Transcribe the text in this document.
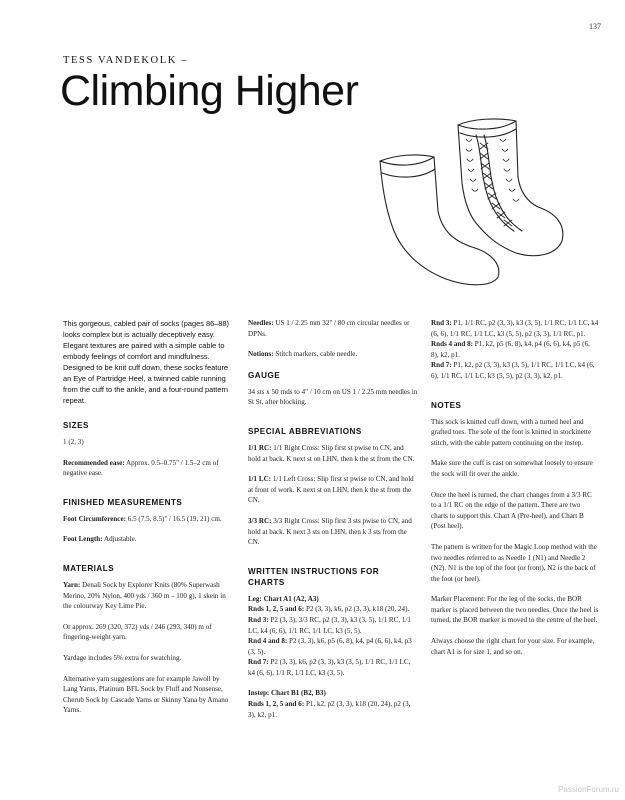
137
TESS VANDEKOLK –
Climbing Higher

This gorgeous, cabled pair of socks (pages 86–88) looks complex but is actually deceptively easy. Elegant textures are paired with a simple cable to embody feelings of comfort and mindfulness. Designed to be knit cuff down, these socks feature an Eye of Partridge Heel, a twinned cable running from the cuff to the ankle, and a four-round pattern repeat.

SIZES

1 (2, 3)

Recommended ease: Approx. 0.5–0.75" / 1.5–2 cm of negative ease.

FINISHED MEASUREMENTS

Foot Circumference: 6.5 (7.5, 8.5)" / 16.5 (19, 21) cm.

Foot Length: Adjustable.

MATERIALS

Yarn: Denali Sock by Explorer Knits (80% Superwash Merino, 20% Nylon, 400 yds / 360 m – 100 g), 1 skein in the colourway Key Lime Pie.

Or approx. 269 (320, 372) yds / 246 (293, 340) m of fingering-weight yarn.

Yardage includes 5% extra for swatching.

Alternative yarn suggestions are for example Jawoll by Lang Yarns, Platinum BFL Sock by Fluff and Nonsense, Cherub Sock by Cascade Yarns or Skinny Yana by Amano Yarns.

Needles: US 1 / 2.25 mm 32" / 80 cm circular needles or DPNs.

Notions: Stitch markers, cable needle.

GAUGE

34 sts x 50 rnds to 4" / 10 cm on US 1 / 2.25 mm needles in St St, after blocking.

SPECIAL ABBREVIATIONS

1/1 RC: 1/1 Right Cross: Slip first st pwise to CN, and hold at back. K next st on LHN, then k the st from the CN.

1/1 LC: 1/1 Left Cross: Slip first st pwise to CN, and hold at front of work. K next st on LHN, then k the st from the CN.

3/3 RC: 3/3 Right Cross: Slip first 3 sts pwise to CN, and hold at back. K next 3 sts on LHN, then k 3 sts from the CN.

WRITTEN INSTRUCTIONS FOR CHARTS

Leg: Chart A1 (A2, A3)

Rnds 1, 2, 5 and 6: P2 (3, 3), k6, p2 (3, 3), k18 (20, 24).

Rnd 3: P2 (3, 3), 3/3 RC, p2 (3, 3), k3 (3, 5), 1/1 RC, 1/1 LC, k4 (6, 6), 1/1 RC, 1/1 LC, k3 (5, 5).

Rnd 4 and 8: P2 (3, 3), k6, p5 (6, 8), k4, p4 (6, 6), k4, p3 (3, 5).

Rnd 7: P2 (3, 3), k6, p2 (3, 3), k3 (3, 5), 1/1 RC, 1/1 LC, k4 (6, 6), 1/1 R, 1/1 LC, k3 (3, 5).

Instep: Chart B1 (B2, B3)

Rnds 1, 2, 5 and 6: P1, k2, p2 (3, 3), k18 (20, 24), p2 (3, 3), k2, p1.

Rnd 3: P1, 1/1 RC, p2 (3, 3), k3 (3, 5), 1/1 RC, 1/1 LC, k4 (6, 6), 1/1 RC, 1/1 LC, k3 (5, 5), p2 (3, 3), 1/1 RC, p1.

Rnds 4 and 8: P1, k2, p5 (6, 8), k4, p4 (6, 6), k4, p5 (6, 8), k2, p1.

Rnd 7: P1, k2, p2 (3, 3), k3 (3, 5), 1/1 RC, 1/1 LC, k4 (6, 6), 1/1 RC, 1/1 LC, k3 (5, 5), p2 (3, 3), k2, p1.

NOTES

This sock is knitted cuff down, with a turned heel and grafted toes. The sole of the foot is knitted in stockinette stitch, with the cable pattern continuing on the instep.

Make sure the cuff is cast on somewhat loosely to ensure the sock will fit over the ankle.

Once the heel is turned, the chart changes from a 3/3 RC to a 1/1 RC on the edge of the pattern. There are two charts to support this. Chart A (Pre-heel), and Chart B (Post heel).

The pattern is written for the Magic Loop method with the two needles referred to as Needle 1 (N1) and Needle 2 (N2). N1 is the top of the foot (or front), N2 is the back of the foot (or heel).

Marker Placement: For the leg of the socks, the BOR marker is placed between the two needles. Once the heel is turned, the BOR marker is moved to the centre of the heel.

Always choose the right chart for your size. For example, chart A1 is for size 1, and so on.

PassionForum.ru
